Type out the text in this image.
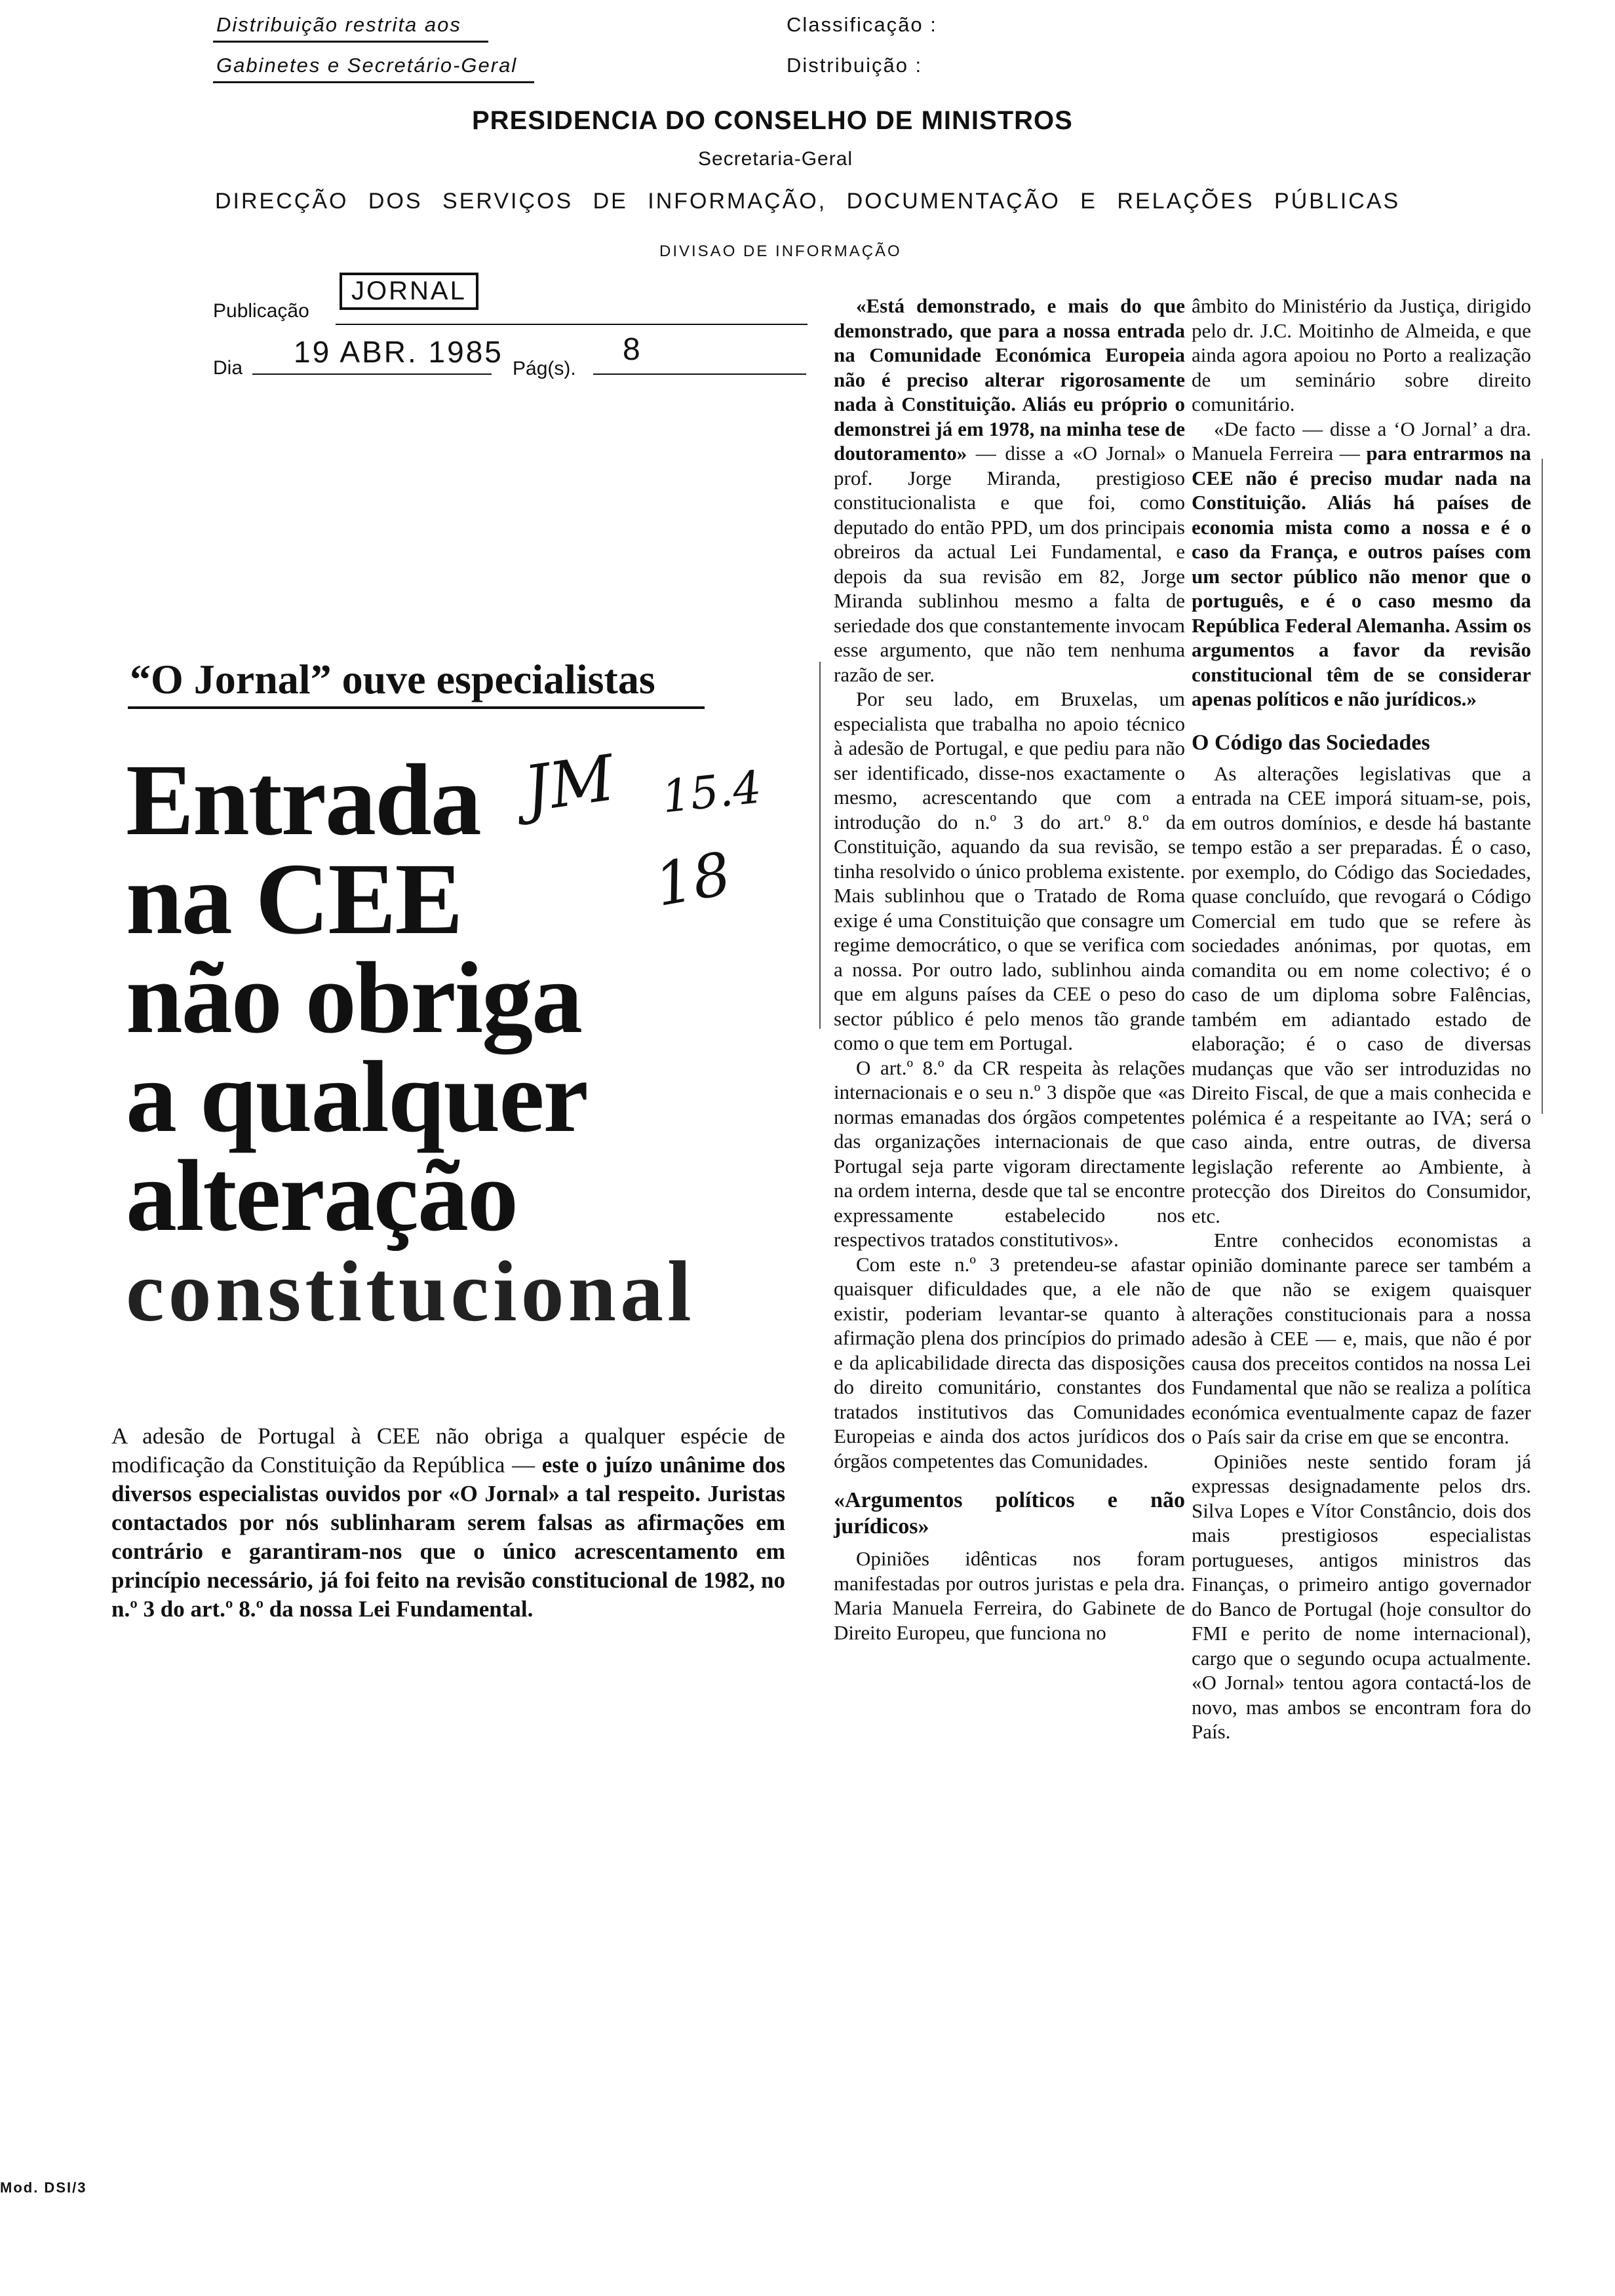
Distribuição restrita aos
Gabinetes e Secretário-Geral
Classificação :
Distribuição :
PRESIDENCIA DO CONSELHO DE MINISTROS
Secretaria-Geral
DIRECÇÃO DOS SERVIÇOS DE INFORMAÇÃO, DOCUMENTAÇÃO E RELAÇÕES PÚBLICAS
DIVISAO DE INFORMAÇÃO
Publicação
JORNAL
Dia 19 ABR. 1985 Pág(s).
8
“O Jornal” ouve especialistas
Entrada
na CEE
não obriga
a qualquer
alteração
constitucional
JM 15.4
18
A adesão de Portugal à CEE não obriga a qualquer espécie de modificação da Constituição da República — este o juízo unânime dos diversos especialistas ouvidos por «O Jornal» a tal respeito. Juristas contactados por nós sublinharam serem falsas as afirmações em contrário e garantiram-nos que o único acrescentamento em princípio necessário, já foi feito na revisão constitucional de 1982, no n.º 3 do art.º 8.º da nossa Lei Fundamental.

«Está demonstrado, e mais do que demonstrado, que para a nossa entrada na Comunidade Económica Europeia não é preciso alterar rigorosamente nada à Constituição. Aliás eu próprio o demonstrei já em 1978, na minha tese de doutoramento» — disse a «O Jornal» o prof. Jorge Miranda, prestigioso constitucionalista e que foi, como deputado do então PPD, um dos principais obreiros da actual Lei Fundamental, e depois da sua revisão em 82, Jorge Miranda sublinhou mesmo a falta de seriedade dos que constantemente invocam esse argumento, que não tem nenhuma razão de ser.

Por seu lado, em Bruxelas, um especialista que trabalha no apoio técnico à adesão de Portugal, e que pediu para não ser identificado, disse-nos exactamente o mesmo, acrescentando que com a introdução do n.º 3 do art.º 8.º da Constituição, aquando da sua revisão, se tinha resolvido o único problema existente. Mais sublinhou que o Tratado de Roma exige é uma Constituição que consagre um regime democrático, o que se verifica com a nossa. Por outro lado, sublinhou ainda que em alguns países da CEE o peso do sector público é pelo menos tão grande como o que tem em Portugal.

O art.º 8.º da CR respeita às relações internacionais e o seu n.º 3 dispõe que «as normas emanadas dos órgãos competentes das organizações internacionais de que Portugal seja parte vigoram directamente na ordem interna, desde que tal se encontre expressamente estabelecido nos respectivos tratados constitutivos».

Com este n.º 3 pretendeu-se afastar quaisquer dificuldades que, a ele não existir, poderiam levantar-se quanto à afirmação plena dos princípios do primado e da aplicabilidade directa das disposições do direito comunitário, constantes dos tratados institutivos das Comunidades Europeias e ainda dos actos jurídicos dos órgãos competentes das Comunidades.

«Argumentos políticos e não jurídicos»

Opiniões idênticas nos foram manifestadas por outros juristas e pela dra. Maria Manuela Ferreira, do Gabinete de Direito Europeu, que funciona no

âmbito do Ministério da Justiça, dirigido pelo dr. J.C. Moitinho de Almeida, e que ainda agora apoiou no Porto a realização de um seminário sobre direito comunitário.

«De facto — disse a ‘O Jornal’ a dra. Manuela Ferreira — para entrarmos na CEE não é preciso mudar nada na Constituição. Aliás há países de economia mista como a nossa e é o caso da França, e outros países com um sector público não menor que o português, e é o caso mesmo da República Federal Alemanha. Assim os argumentos a favor da revisão constitucional têm de se considerar apenas políticos e não jurídicos.»

O Código das Sociedades

As alterações legislativas que a entrada na CEE imporá situam-se, pois, em outros domínios, e desde há bastante tempo estão a ser preparadas. É o caso, por exemplo, do Código das Sociedades, quase concluído, que revogará o Código Comercial em tudo que se refere às sociedades anónimas, por quotas, em comandita ou em nome colectivo; é o caso de um diploma sobre Falências, também em adiantado estado de elaboração; é o caso de diversas mudanças que vão ser introduzidas no Direito Fiscal, de que a mais conhecida e polémica é a respeitante ao IVA; será o caso ainda, entre outras, de diversa legislação referente ao Ambiente, à protecção dos Direitos do Consumidor, etc.

Entre conhecidos economistas a opinião dominante parece ser também a de que não se exigem quaisquer alterações constitucionais para a nossa adesão à CEE — e, mais, que não é por causa dos preceitos contidos na nossa Lei Fundamental que não se realiza a política económica eventualmente capaz de fazer o País sair da crise em que se encontra.

Opiniões neste sentido foram já expressas designadamente pelos drs. Silva Lopes e Vítor Constâncio, dois dos mais prestigiosos especialistas portugueses, antigos ministros das Finanças, o primeiro antigo governador do Banco de Portugal (hoje consultor do FMI e perito de nome internacional), cargo que o segundo ocupa actualmente. «O Jornal» tentou agora contactá-los de novo, mas ambos se encontram fora do País.

Mod. DSI/3
